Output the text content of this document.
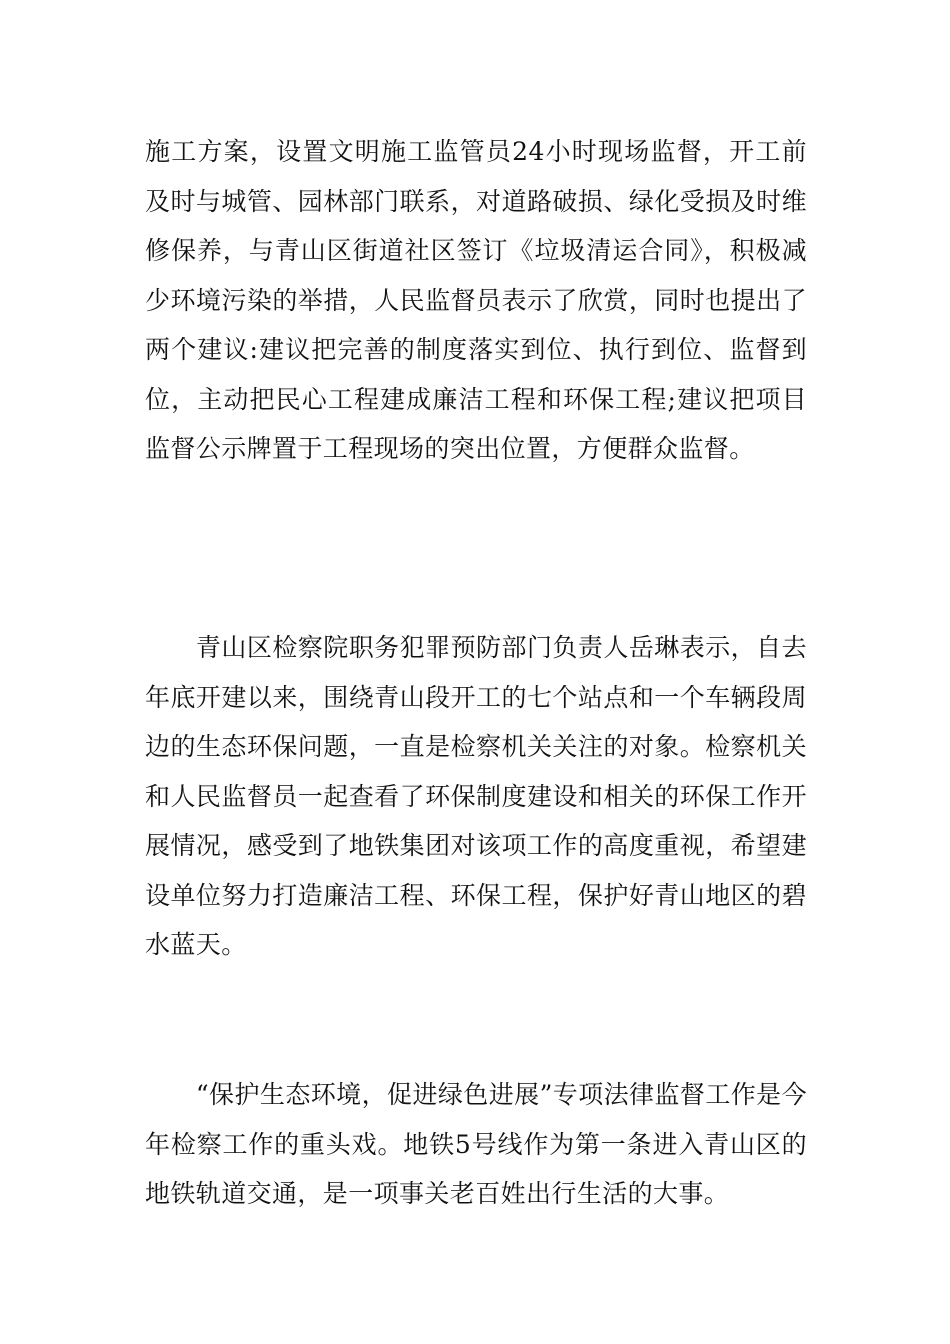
施工方案，设置文明施工监管员24小时现场监督，开工前及时与城管、园林部门联系，对道路破损、绿化受损及时维修保养，与青山区街道社区签订《垃圾清运合同》，积极减少环境污染的举措，人民监督员表示了欣赏，同时也提出了两个建议:建议把完善的制度落实到位、执行到位、监督到位，主动把民心工程建成廉洁工程和环保工程;建议把项目监督公示牌置于工程现场的突出位置，方便群众监督。

　　青山区检察院职务犯罪预防部门负责人岳琳表示，自去年底开建以来，围绕青山段开工的七个站点和一个车辆段周边的生态环保问题，一直是检察机关关注的对象。检察机关和人民监督员一起查看了环保制度建设和相关的环保工作开展情况，感受到了地铁集团对该项工作的高度重视，希望建设单位努力打造廉洁工程、环保工程，保护好青山地区的碧水蓝天。

　　“保护生态环境，促进绿色进展”专项法律监督工作是今年检察工作的重头戏。地铁5号线作为第一条进入青山区的地铁轨道交通，是一项事关老百姓出行生活的大事。
